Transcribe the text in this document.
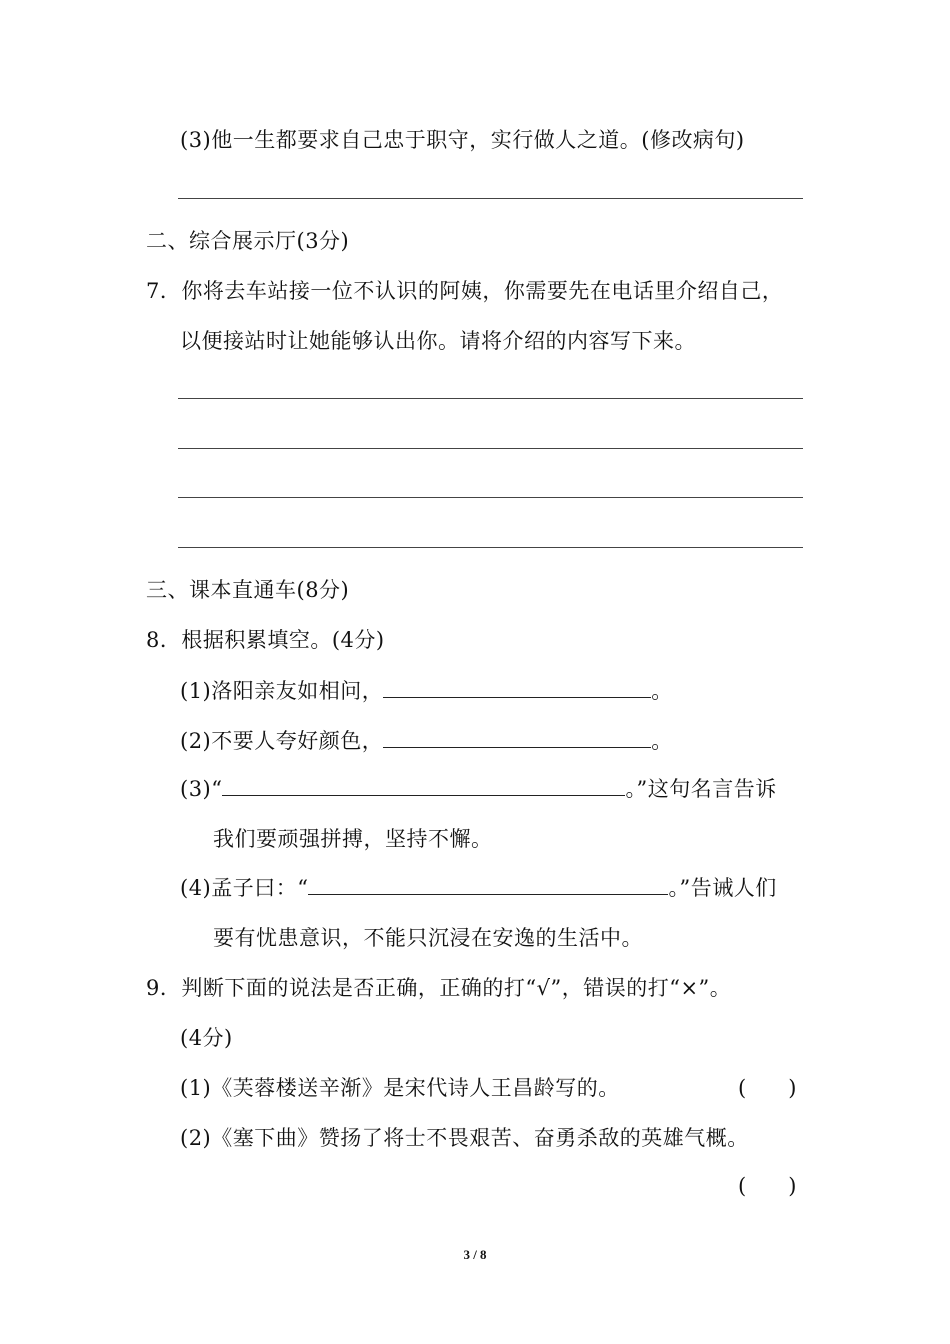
(3)他一生都要求自己忠于职守，实行做人之道。(修改病句)
二、综合展示厅(3分)
7．你将去车站接一位不认识的阿姨，你需要先在电话里介绍自己，
以便接站时让她能够认出你。请将介绍的内容写下来。
三、课本直通车(8分)
8．根据积累填空。(4分)
(1)洛阳亲友如相问，	。
(2)不要人夸好颜色，	。
(3)“	。”这句名言告诉
我们要顽强拼搏，坚持不懈。
(4)孟子曰：“	。”告诫人们
要有忧患意识，不能只沉浸在安逸的生活中。
9．判断下面的说法是否正确，正确的打“√”，错误的打“×”。
(4分)
(1)《芙蓉楼送辛渐》是宋代诗人王昌龄写的。	(　　)
(2)《塞下曲》赞扬了将士不畏艰苦、奋勇杀敌的英雄气概。
(　　)
3 / 8
